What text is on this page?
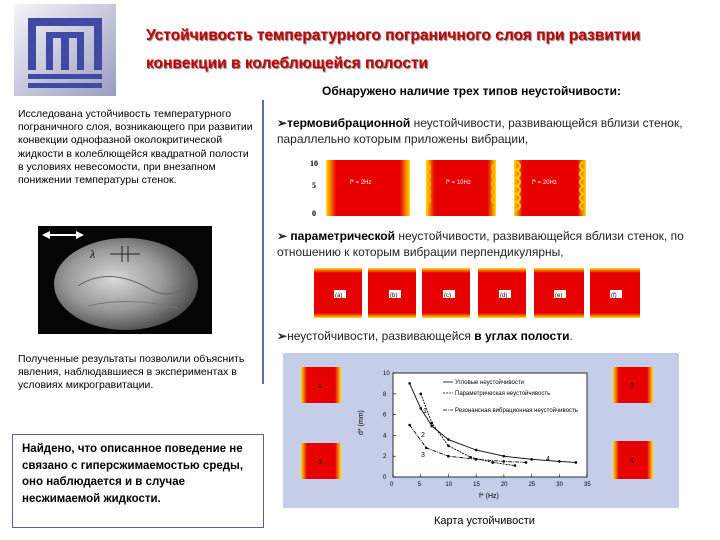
Устойчивость температурного пограничного слоя при развитии конвекции в колеблющейся полости
Обнаружено наличие трех типов неустойчивости:
Исследована устойчивость температурного пограничного слоя, возникающего при развитии конвекции однофазной околокритической жидкости в колеблющейся квадратной полости в условиях невесомости, при внезапном понижении температуры стенок.
λ
Полученные результаты позволили объяснить явления, наблюдавшиеся в экспериментах в условиях микрогравитации.
Найдено, что описанное поведение не связано с гиперсжимаемостью среды, оно наблюдается и в случае несжимаемой жидкости.
➢термовибрационной неустойчивости, развивающейся вблизи стенок, параллельно которым приложены вибрации,
➢ параметрической неустойчивости, развивающейся вблизи стенок, по отношению к которым вибрации перпендикулярны,
➢неустойчивости, развивающейся в углах полости.
10
5
0
f* = 2Hz	f* = 10Hz	f* = 20Hz
(a)	(b)	(c)	(d)	(e)	(f)
1
3
2
4
0	5	10	15	20	25	30	35
0
2
4
6
8
10
d* (mm)
f* (Hz)
Угловые неустойчивости
Параметрическая неустойчивость
Резонансная вибрационная неустойчивость
1
2
3
4
Карта устойчивости
